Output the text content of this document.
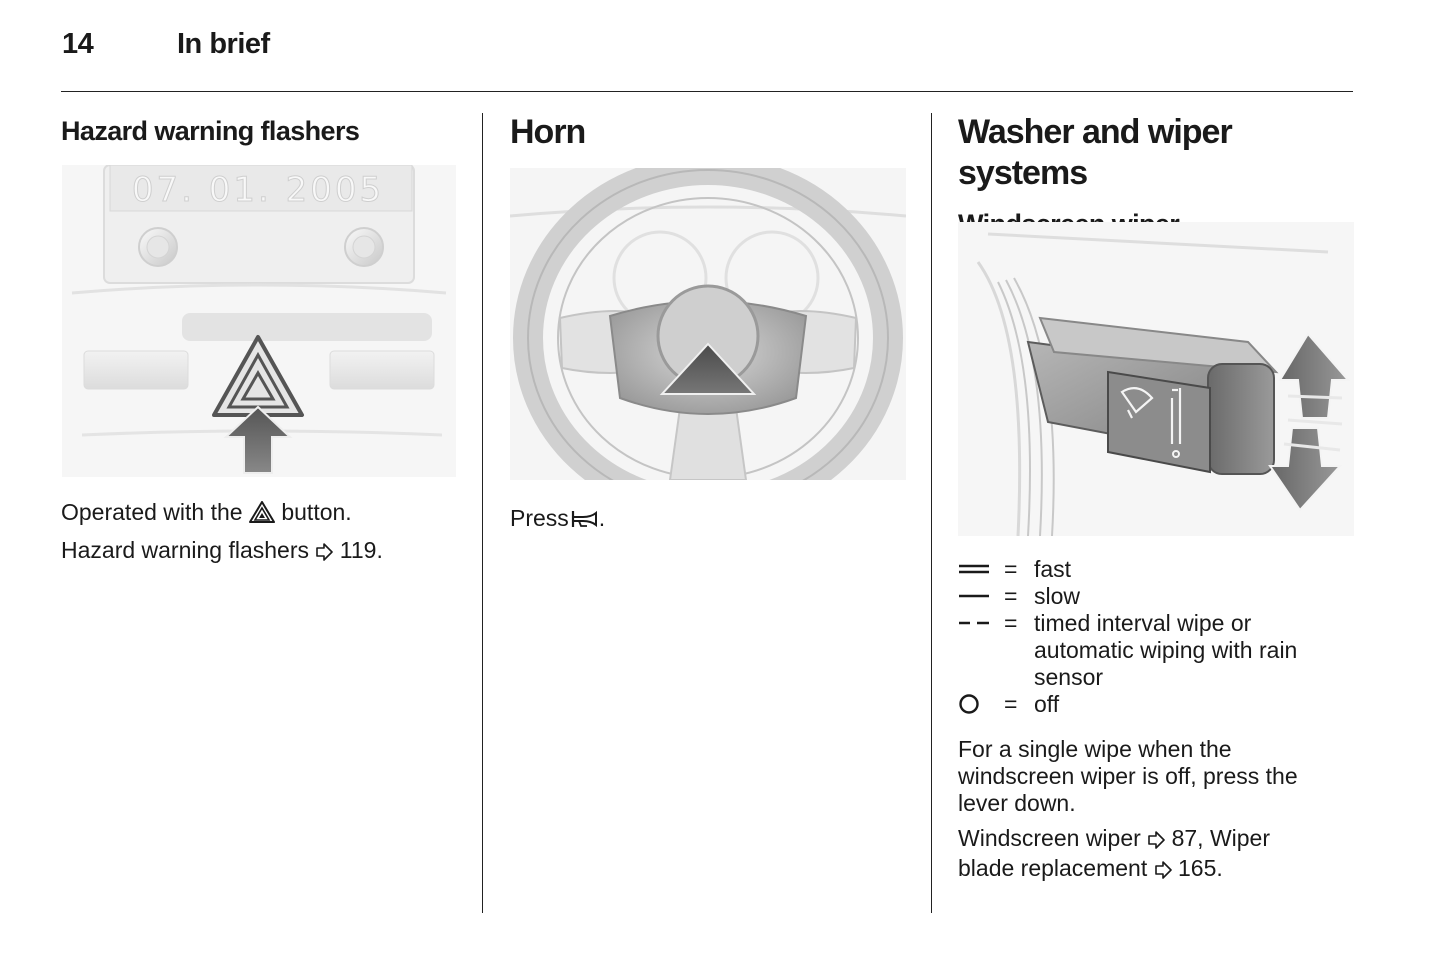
14	In brief
Hazard warning flashers
07. 01. 2005

Operated with the button.

Hazard warning flashers 119.

Horn

Press .

Washer and wiper systems
= fast
= slow
= timed interval wipe or automatic wiping with rain sensor
= off

For a single wipe when the windscreen wiper is off, press the lever down.

Windscreen wiper 87, Wiper
blade replacement 165.
